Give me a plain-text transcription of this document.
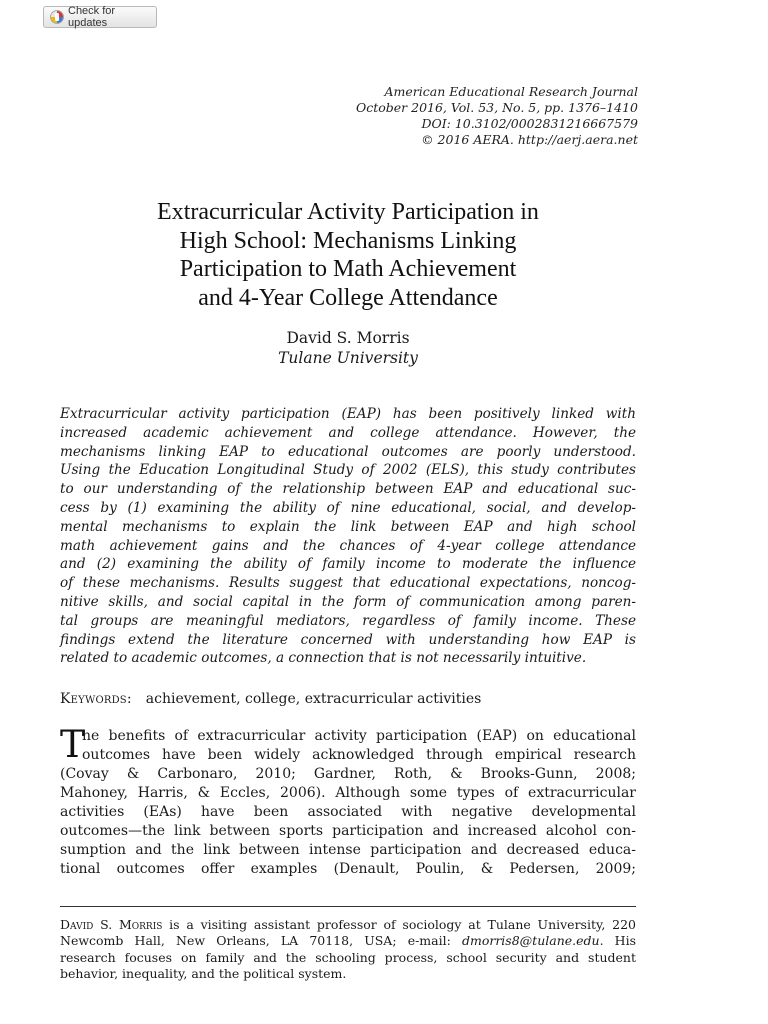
Check for updates
American Educational Research Journal
October 2016, Vol. 53, No. 5, pp. 1376–1410
DOI: 10.3102/0002831216667579
© 2016 AERA. http://aerj.aera.net
Extracurricular Activity Participation in
High School: Mechanisms Linking
Participation to Math Achievement
and 4-Year College Attendance
David S. Morris
Tulane University

Extracurricular activity participation (EAP) has been positively linked with
increased academic achievement and college attendance. However, the
mechanisms linking EAP to educational outcomes are poorly understood.
Using the Education Longitudinal Study of 2002 (ELS), this study contributes
to our understanding of the relationship between EAP and educational suc-
cess by (1) examining the ability of nine educational, social, and develop-
mental mechanisms to explain the link between EAP and high school
math achievement gains and the chances of 4-year college attendance
and (2) examining the ability of family income to moderate the influence
of these mechanisms. Results suggest that educational expectations, noncog-
nitive skills, and social capital in the form of communication among paren-
tal groups are meaningful mediators, regardless of family income. These
findings extend the literature concerned with understanding how EAP is
related to academic outcomes, a connection that is not necessarily intuitive.

Keywords: achievement, college, extracurricular activities
T

he benefits of extracurricular activity participation (EAP) on educational
outcomes have been widely acknowledged through empirical research
(Covay & Carbonaro, 2010; Gardner, Roth, & Brooks-Gunn, 2008;
Mahoney, Harris, & Eccles, 2006). Although some types of extracurricular
activities (EAs) have been associated with negative developmental
outcomes—the link between sports participation and increased alcohol con-
sumption and the link between intense participation and decreased educa-
tional outcomes offer examples (Denault, Poulin, & Pedersen, 2009;

David S. Morris is a visiting assistant professor of sociology at Tulane University, 220
Newcomb Hall, New Orleans, LA 70118, USA; e-mail: dmorris8@tulane.edu. His
research focuses on family and the schooling process, school security and student
behavior, inequality, and the political system.
